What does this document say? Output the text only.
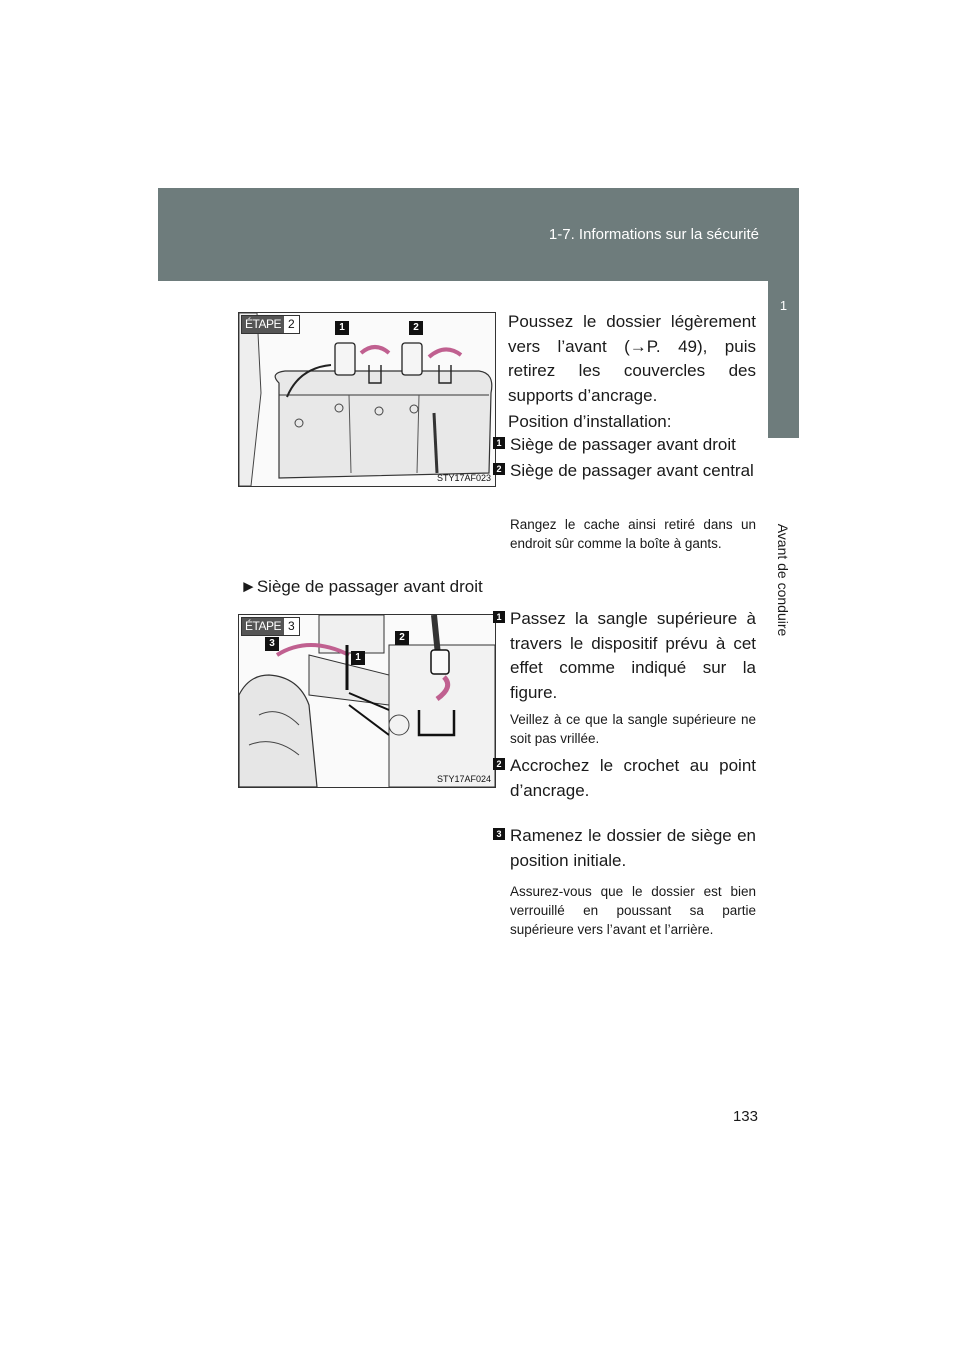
1-7. Informations sur la sécurité
1
Avant de conduire
ÉTAPE 2	1	2
STY17AF023

Poussez le dossier légèrement vers l’avant (→P. 49), puis retirez les couvercles des supports d’ancrage.

Position d’installation:

1 Siège de passager avant droit
2 Siège de passager avant central

Rangez le cache ainsi retiré dans un endroit sûr comme la boîte à gants.

►Siège de passager avant droit
ÉTAPE 3
3
2
1
STY17AF024
1 Passez la sangle supérieure à travers le dispositif prévu à cet effet comme indiqué sur la figure.

Veillez à ce que la sangle supérieure ne soit pas vrillée.

2 Accrochez le crochet au point d’ancrage.
3 Ramenez le dossier de siège en position initiale.

Assurez-vous que le dossier est bien verrouillé en poussant sa partie supérieure vers l’avant et l’arrière.

133
